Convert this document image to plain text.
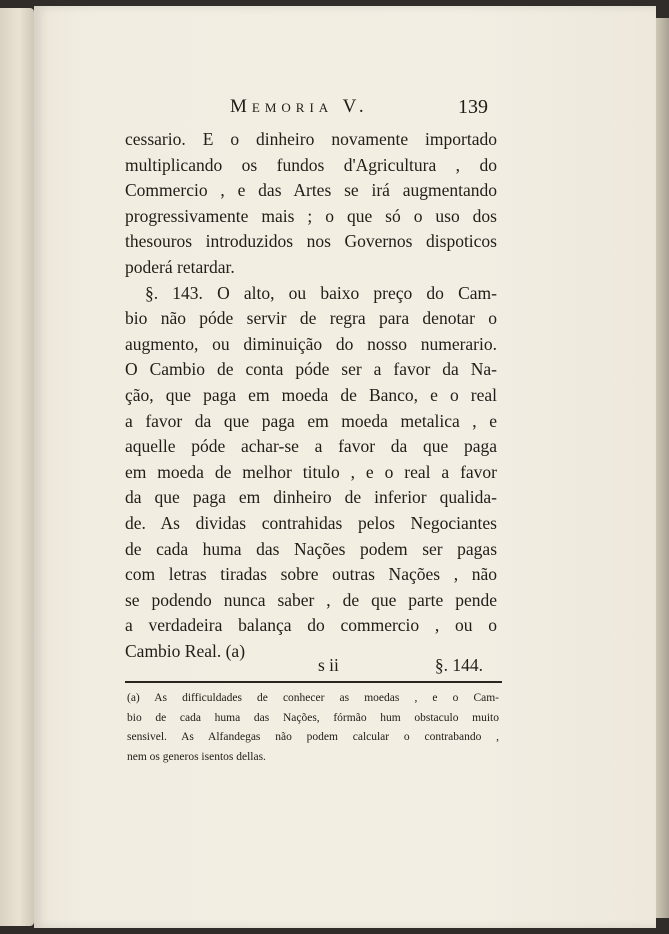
Memoria V.	139
cessario. E o dinheiro novamente importado
multiplicando os fundos d'Agricultura , do
Commercio , e das Artes se irá augmentando
progressivamente mais ; o que só o uso dos
thesouros introduzidos nos Governos dispoticos
poderá retardar.
§. 143. O alto, ou baixo preço do Cam-
bio não póde servir de regra para denotar o
augmento, ou diminuição do nosso numerario.
O Cambio de conta póde ser a favor da Na-
ção, que paga em moeda de Banco, e o real
a favor da que paga em moeda metalica , e
aquelle póde achar-se a favor da que paga
em moeda de melhor titulo , e o real a favor
da que paga em dinheiro de inferior qualida-
de. As dividas contrahidas pelos Negociantes
de cada huma das Nações podem ser pagas
com letras tiradas sobre outras Nações , não
se podendo nunca saber , de que parte pende
a verdadeira balança do commercio , ou o
Cambio Real. (a)
s ii	§. 144.
(a) As difficuldades de conhecer as moedas , e o Cam-
bio de cada huma das Nações, fórmão hum obstaculo muito
sensivel. As Alfandegas não podem calcular o contrabando ,
nem os generos isentos dellas.
